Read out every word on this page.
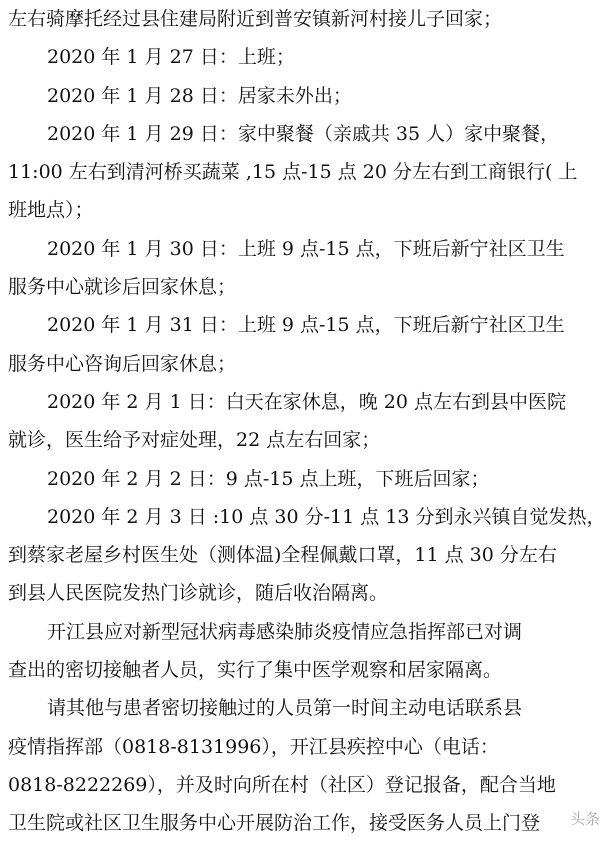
左右骑摩托经过县住建局附近到普安镇新河村接儿子回家；

2020 年 1 月 27 日：上班；

2020 年 1 月 28 日：居家未外出；

2020 年 1 月 29 日：家中聚餐（亲戚共 35 人）家中聚餐，

11:00 左右到清河桥买蔬菜 ,15 点-15 点 20 分左右到工商银行( 上

班地点）；

2020 年 1 月 30 日：上班 9 点-15 点，下班后新宁社区卫生

服务中心就诊后回家休息；

2020 年 1 月 31 日：上班 9 点-15 点，下班后新宁社区卫生

服务中心咨询后回家休息；

2020 年 2 月 1 日：白天在家休息，晚 20 点左右到县中医院

就诊，医生给予对症处理，22 点左右回家；

2020 年 2 月 2 日：9 点-15 点上班，下班后回家；

2020 年 2 月 3 日 :10 点 30 分-11 点 13 分到永兴镇自觉发热，

到蔡家老屋乡村医生处（测体温)全程佩戴口罩，11 点 30 分左右

到县人民医院发热门诊就诊，随后收治隔离。

开江县应对新型冠状病毒感染肺炎疫情应急指挥部已对调

查出的密切接触者人员，实行了集中医学观察和居家隔离。

请其他与患者密切接触过的人员第一时间主动电话联系县

疫情指挥部（0818-8131996），开江县疾控中心（电话：

0818-8222269），并及时向所在村（社区）登记报备，配合当地

卫生院或社区卫生服务中心开展防治工作，接受医务人员上门登	头条
